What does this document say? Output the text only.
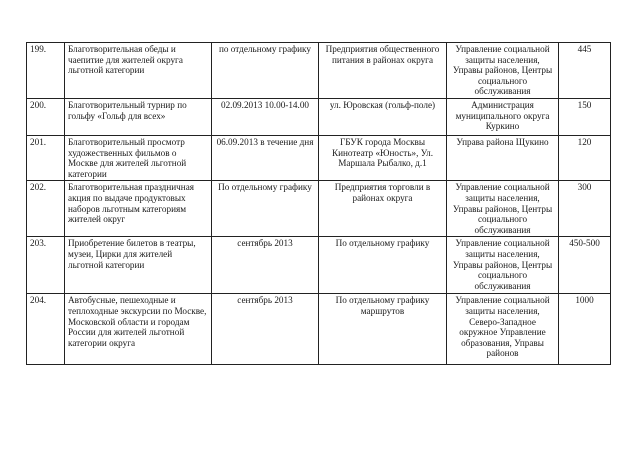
199.	Благотворительная обеды и чаепитие для жителей округа льготной категории	по отдельному графику	Предприятия общественного питания в районах округа	Управление социальной защиты населения, Управы районов, Центры социального обслуживания	445
200.	Благотворительный турнир по гольфу «Гольф для всех»	02.09.2013 10.00-14.00	ул. Юровская (гольф-поле)	Администрация муниципального округа Куркино	150
201.	Благотворительный просмотр художественных фильмов о Москве для жителей льготной категории	06.09.2013 в течение дня	ГБУК города Москвы Кинотеатр «Юность», Ул. Маршала Рыбалко, д.1	Управа района Щукино	120
202.	Благотворительная праздничная акция по выдаче продуктовых наборов льготным категориям жителей округ	По отдельному графику	Предприятия торговли в районах округа	Управление социальной защиты населения, Управы районов, Центры социального обслуживания	300
203.	Приобретение билетов в театры, музеи, Цирки для жителей льготной категории	сентябрь 2013	По отдельному графику	Управление социальной защиты населения, Управы районов, Центры социального обслуживания	450-500
204.	Автобусные, пешеходные и теплоходные экскурсии по Москве, Московской области и городам России для жителей льготной категории округа	сентябрь 2013	По отдельному графику маршрутов	Управление социальной защиты населения, Северо-Западное окружное Управление образования, Управы районов	1000
